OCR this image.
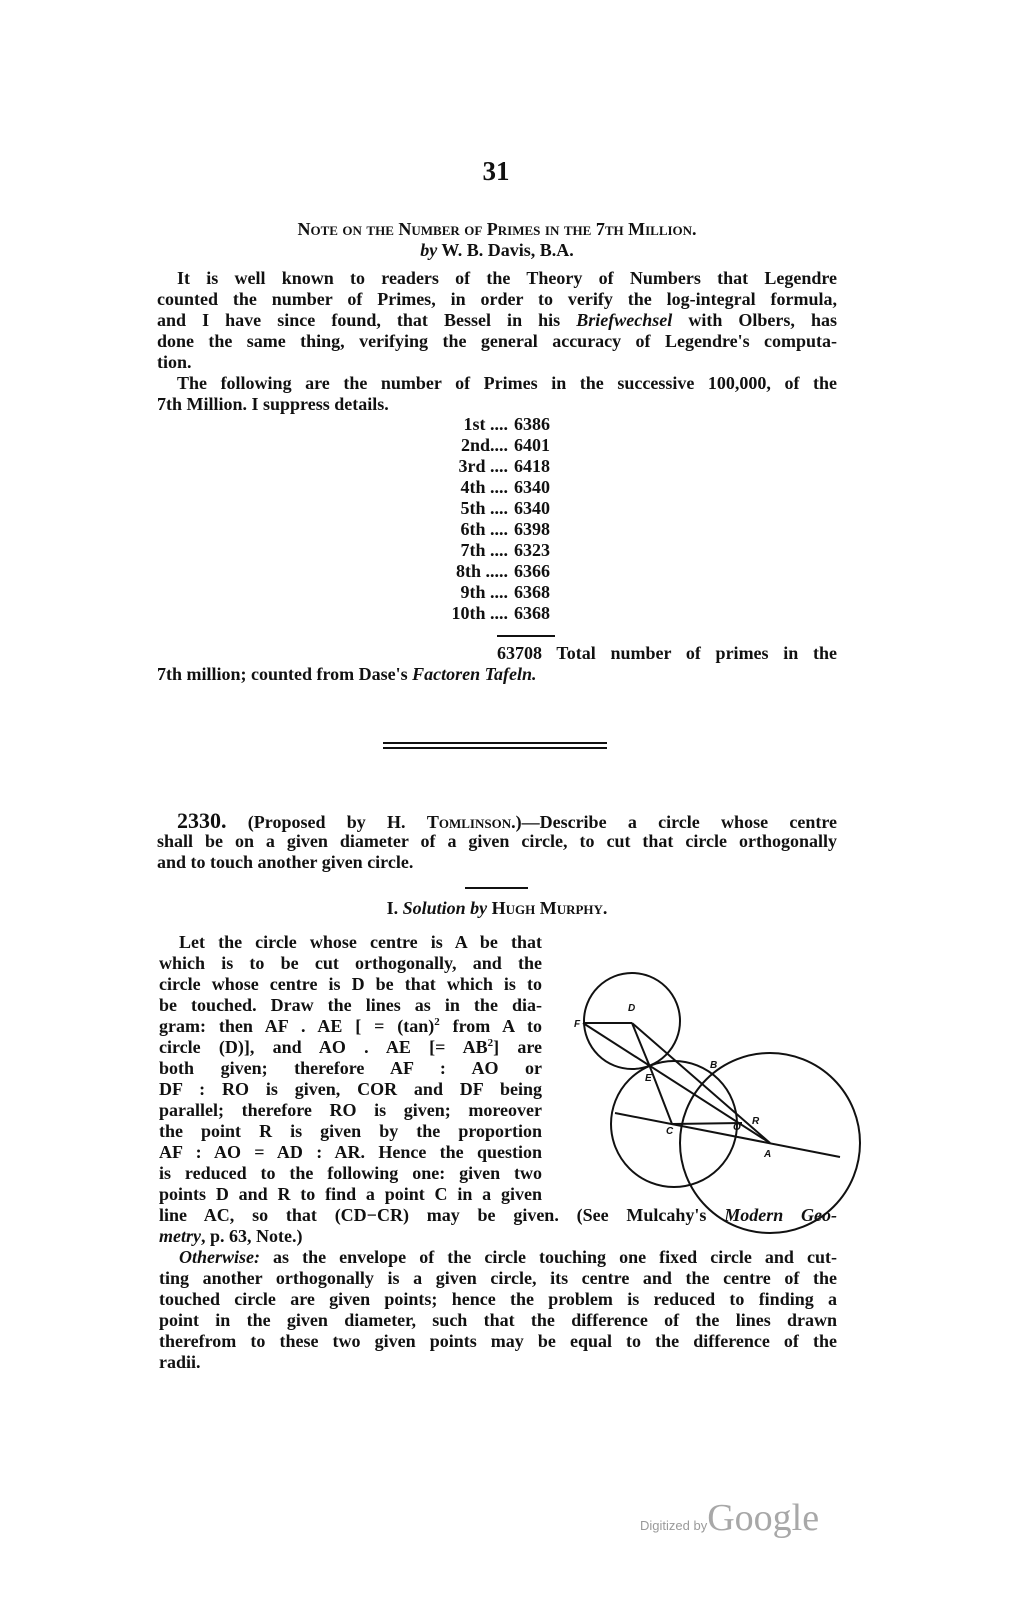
31
Note on the Number of Primes in the 7th Million.
by W. B. Davis, B.A.
It is well known to readers of the Theory of Numbers that Legendre
counted the number of Primes, in order to verify the log-integral formula,
and I have since found, that Bessel in his Briefwechsel with Olbers, has
done the same thing, verifying the general accuracy of Legendre's computa-
tion.
The following are the number of Primes in the successive 100,000, of the
7th Million. I suppress details.
63708 Total number of primes in the
7th million; counted from Dase's Factoren Tafeln.
2330. (Proposed by H. Tomlinson.)—Describe a circle whose centre
shall be on a given diameter of a given circle, to cut that circle orthogonally
and to touch another given circle.
I. Solution by Hugh Murphy.
Let the circle whose centre is A be that
which is to be cut orthogonally, and the
circle whose centre is D be that which is to
be touched. Draw the lines as in the dia-
gram: then AF . AE [ = $(\tan)^2$ from A to
circle (D)], and AO . AE [= $AB^2$] are
both given; therefore AF : AO or
DF : RO is given, COR and DF being
parallel; therefore RO is given; moreover
the point R is given by the proportion
AF : AO = AD : AR. Hence the question
is reduced to the following one: given two
points D and R to find a point C in a given
line AC, so that (CD−CR) may be given. (See Mulcahy's Modern Geo-
metry, p. 63, Note.)
Otherwise: as the envelope of the circle touching one fixed circle and cut-
ting another orthogonally is a given circle, its centre and the centre of the
touched circle are given points; hence the problem is reduced to finding a
point in the given diameter, such that the difference of the lines drawn
therefrom to these two given points may be equal to the difference of the
radii.
1st .... 6386
2nd.... 6401
3rd .... 6418
4th .... 6340
5th .... 6340
6th .... 6398
7th .... 6323
8th ..... 6366
9th .... 6368
10th .... 6368
D
F
E
B
C	O
R
A
Digitized byGoogle
